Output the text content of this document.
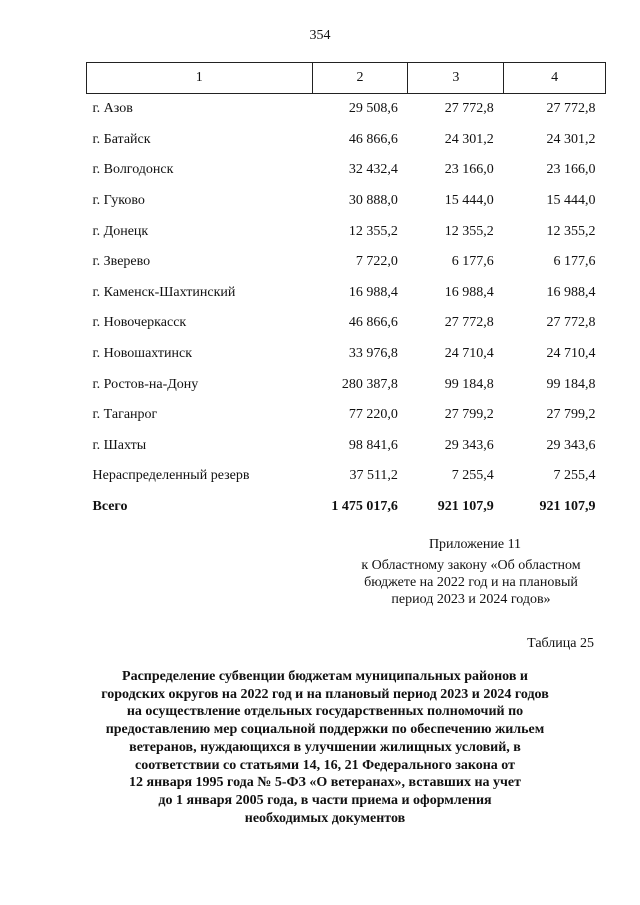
354
1	2	3	4
г. Азов	29 508,6	27 772,8	27 772,8
г. Батайск	46 866,6	24 301,2	24 301,2
г. Волгодонск	32 432,4	23 166,0	23 166,0
г. Гуково	30 888,0	15 444,0	15 444,0
г. Донецк	12 355,2	12 355,2	12 355,2
г. Зверево	7 722,0	6 177,6	6 177,6
г. Каменск-Шахтинский	16 988,4	16 988,4	16 988,4
г. Новочеркасск	46 866,6	27 772,8	27 772,8
г. Новошахтинск	33 976,8	24 710,4	24 710,4
г. Ростов-на-Дону	280 387,8	99 184,8	99 184,8
г. Таганрог	77 220,0	27 799,2	27 799,2
г. Шахты	98 841,6	29 343,6	29 343,6
Нераспределенный резерв	37 511,2	7 255,4	7 255,4
Всего	1 475 017,6	921 107,9	921 107,9
Приложение 11
к Областному закону «Об областном
бюджете на 2022 год и на плановый
период 2023 и 2024 годов»
Таблица 25
Распределение субвенции бюджетам муниципальных районов и
городских округов на 2022 год и на плановый период 2023 и 2024 годов
на осуществление отдельных государственных полномочий по
предоставлению мер социальной поддержки по обеспечению жильем
ветеранов, нуждающихся в улучшении жилищных условий, в
соответствии со статьями 14, 16, 21 Федерального закона от
12 января 1995 года № 5-ФЗ «О ветеранах», вставших на учет
до 1 января 2005 года, в части приема и оформления
необходимых документов
